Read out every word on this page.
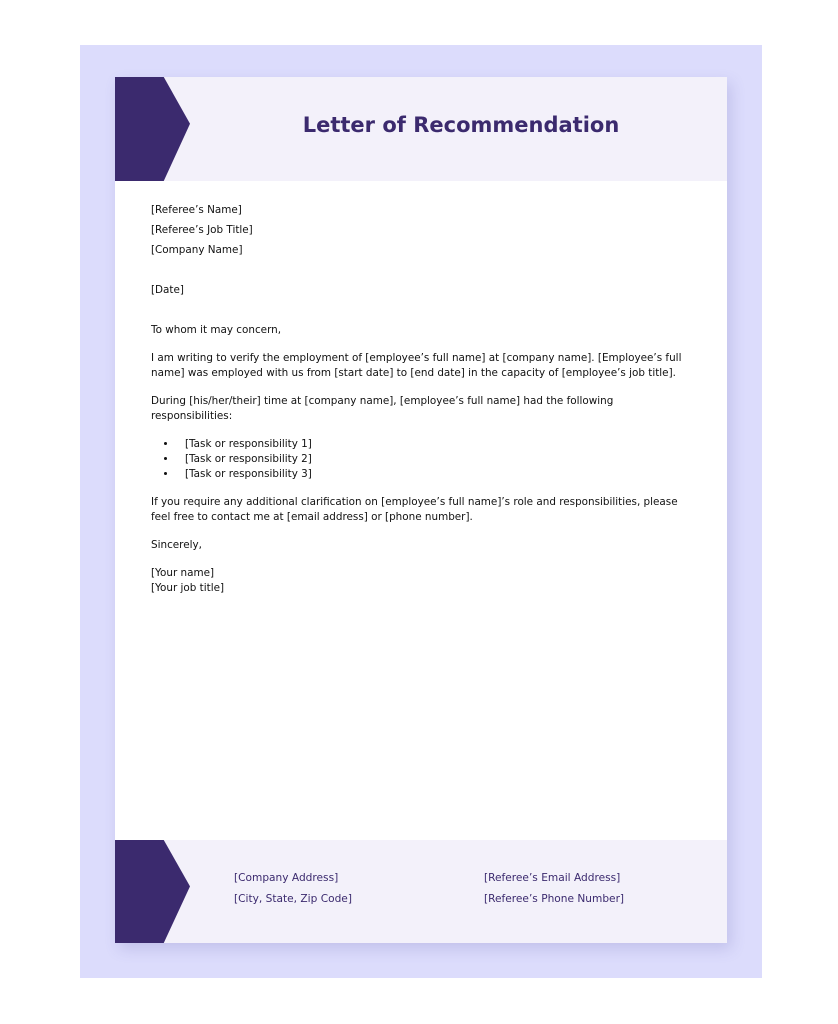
Letter of Recommendation

[Referee’s Name]

[Referee’s Job Title]

[Company Name]

[Date]

To whom it may concern,

I am writing to verify the employment of [employee’s full name] at [company name]. [Employee’s full name] was employed with us from [start date] to [end date] in the capacity of [employee’s job title].

During [his/her/their] time at [company name], [employee’s full name] had the following responsibilities:

• [Task or responsibility 1]
• [Task or responsibility 2]
• [Task or responsibility 3]

If you require any additional clarification on [employee’s full name]’s role and responsibilities, please feel free to contact me at [email address] or [phone number].

Sincerely,

[Your name]

[Your job title]

[Company Address]
[City, State, Zip Code]
[Referee’s Email Address]
[Referee’s Phone Number]
